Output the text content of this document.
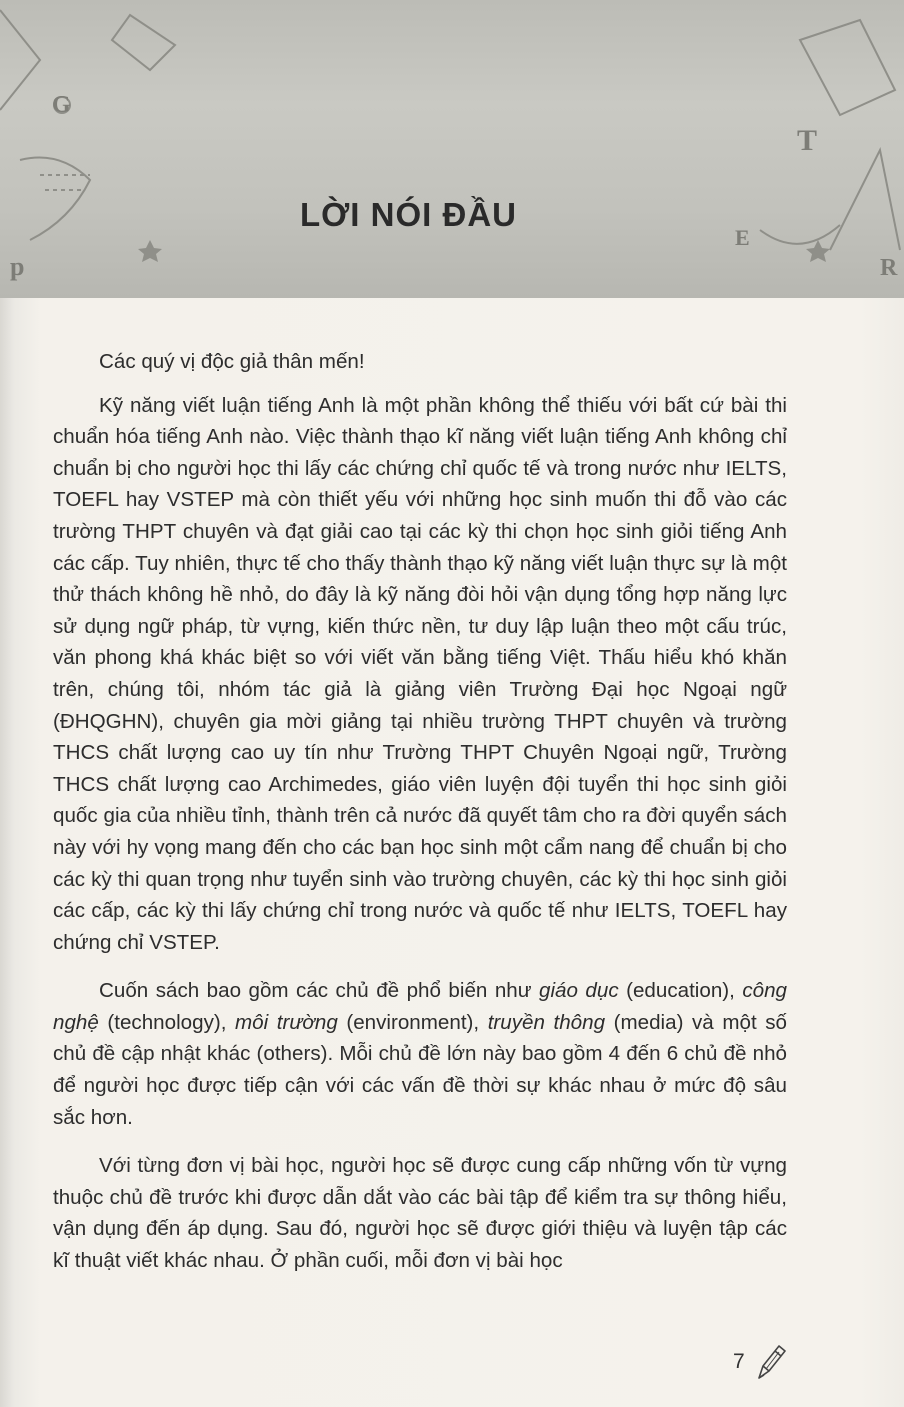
G
T
E
p	R
LỜI NÓI ĐẦU

Các quý vị độc giả thân mến!

Kỹ năng viết luận tiếng Anh là một phần không thể thiếu với bất cứ bài thi chuẩn hóa tiếng Anh nào. Việc thành thạo kĩ năng viết luận tiếng Anh không chỉ chuẩn bị cho người học thi lấy các chứng chỉ quốc tế và trong nước như IELTS, TOEFL hay VSTEP mà còn thiết yếu với những học sinh muốn thi đỗ vào các trường THPT chuyên và đạt giải cao tại các kỳ thi chọn học sinh giỏi tiếng Anh các cấp. Tuy nhiên, thực tế cho thấy thành thạo kỹ năng viết luận thực sự là một thử thách không hề nhỏ, do đây là kỹ năng đòi hỏi vận dụng tổng hợp năng lực sử dụng ngữ pháp, từ vựng, kiến thức nền, tư duy lập luận theo một cấu trúc, văn phong khá khác biệt so với viết văn bằng tiếng Việt. Thấu hiểu khó khăn trên, chúng tôi, nhóm tác giả là giảng viên Trường Đại học Ngoại ngữ (ĐHQGHN), chuyên gia mời giảng tại nhiều trường THPT chuyên và trường THCS chất lượng cao uy tín như Trường THPT Chuyên Ngoại ngữ, Trường THCS chất lượng cao Archimedes, giáo viên luyện đội tuyển thi học sinh giỏi quốc gia của nhiều tỉnh, thành trên cả nước đã quyết tâm cho ra đời quyển sách này với hy vọng mang đến cho các bạn học sinh một cẩm nang để chuẩn bị cho các kỳ thi quan trọng như tuyển sinh vào trường chuyên, các kỳ thi học sinh giỏi các cấp, các kỳ thi lấy chứng chỉ trong nước và quốc tế như IELTS, TOEFL hay chứng chỉ VSTEP.

Cuốn sách bao gồm các chủ đề phổ biến như giáo dục (education), công nghệ (technology), môi trường (environment), truyền thông (media) và một số chủ đề cập nhật khác (others). Mỗi chủ đề lớn này bao gồm 4 đến 6 chủ đề nhỏ để người học được tiếp cận với các vấn đề thời sự khác nhau ở mức độ sâu sắc hơn.

Với từng đơn vị bài học, người học sẽ được cung cấp những vốn từ vựng thuộc chủ đề trước khi được dẫn dắt vào các bài tập để kiểm tra sự thông hiểu, vận dụng đến áp dụng. Sau đó, người học sẽ được giới thiệu và luyện tập các kĩ thuật viết khác nhau. Ở phần cuối, mỗi đơn vị bài học

7
